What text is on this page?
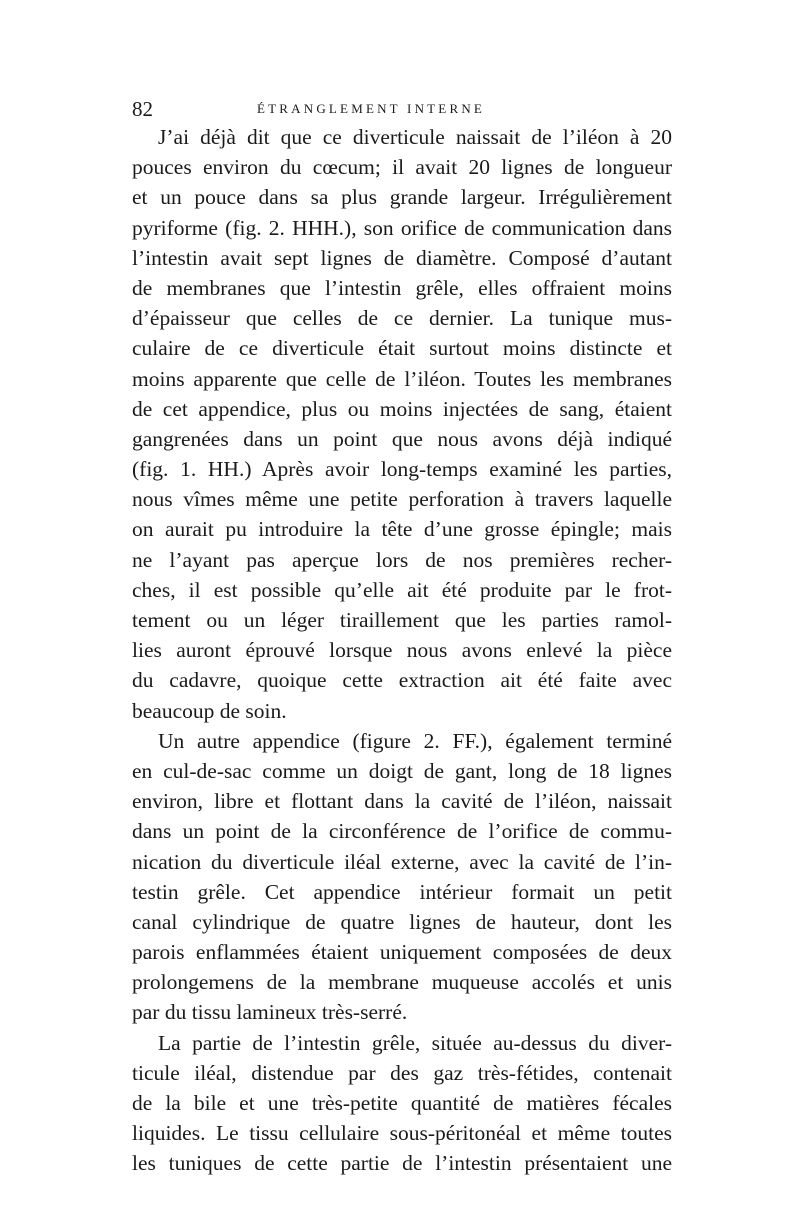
82	ÉTRANGLEMENT INTERNE
J’ai déjà dit que ce diverticule naissait de l’iléon à 20
pouces environ du cœcum; il avait 20 lignes de longueur
et un pouce dans sa plus grande largeur. Irrégulièrement
pyriforme (fig. 2. HHH.), son orifice de communication dans
l’intestin avait sept lignes de diamètre. Composé d’autant
de membranes que l’intestin grêle, elles offraient moins
d’épaisseur que celles de ce dernier. La tunique mus-
culaire de ce diverticule était surtout moins distincte et
moins apparente que celle de l’iléon. Toutes les membranes
de cet appendice, plus ou moins injectées de sang, étaient
gangrenées dans un point que nous avons déjà indiqué
(fig. 1. HH.) Après avoir long-temps examiné les parties,
nous vîmes même une petite perforation à travers laquelle
on aurait pu introduire la tête d’une grosse épingle; mais
ne l’ayant pas aperçue lors de nos premières recher-
ches, il est possible qu’elle ait été produite par le frot-
tement ou un léger tiraillement que les parties ramol-
lies auront éprouvé lorsque nous avons enlevé la pièce
du cadavre, quoique cette extraction ait été faite avec
beaucoup de soin.
Un autre appendice (figure 2. FF.), également terminé
en cul-de-sac comme un doigt de gant, long de 18 lignes
environ, libre et flottant dans la cavité de l’iléon, naissait
dans un point de la circonférence de l’orifice de commu-
nication du diverticule iléal externe, avec la cavité de l’in-
testin grêle. Cet appendice intérieur formait un petit
canal cylindrique de quatre lignes de hauteur, dont les
parois enflammées étaient uniquement composées de deux
prolongemens de la membrane muqueuse accolés et unis
par du tissu lamineux très-serré.
La partie de l’intestin grêle, située au-dessus du diver-
ticule iléal, distendue par des gaz très-fétides, contenait
de la bile et une très-petite quantité de matières fécales
liquides. Le tissu cellulaire sous-péritonéal et même toutes
les tuniques de cette partie de l’intestin présentaient une
